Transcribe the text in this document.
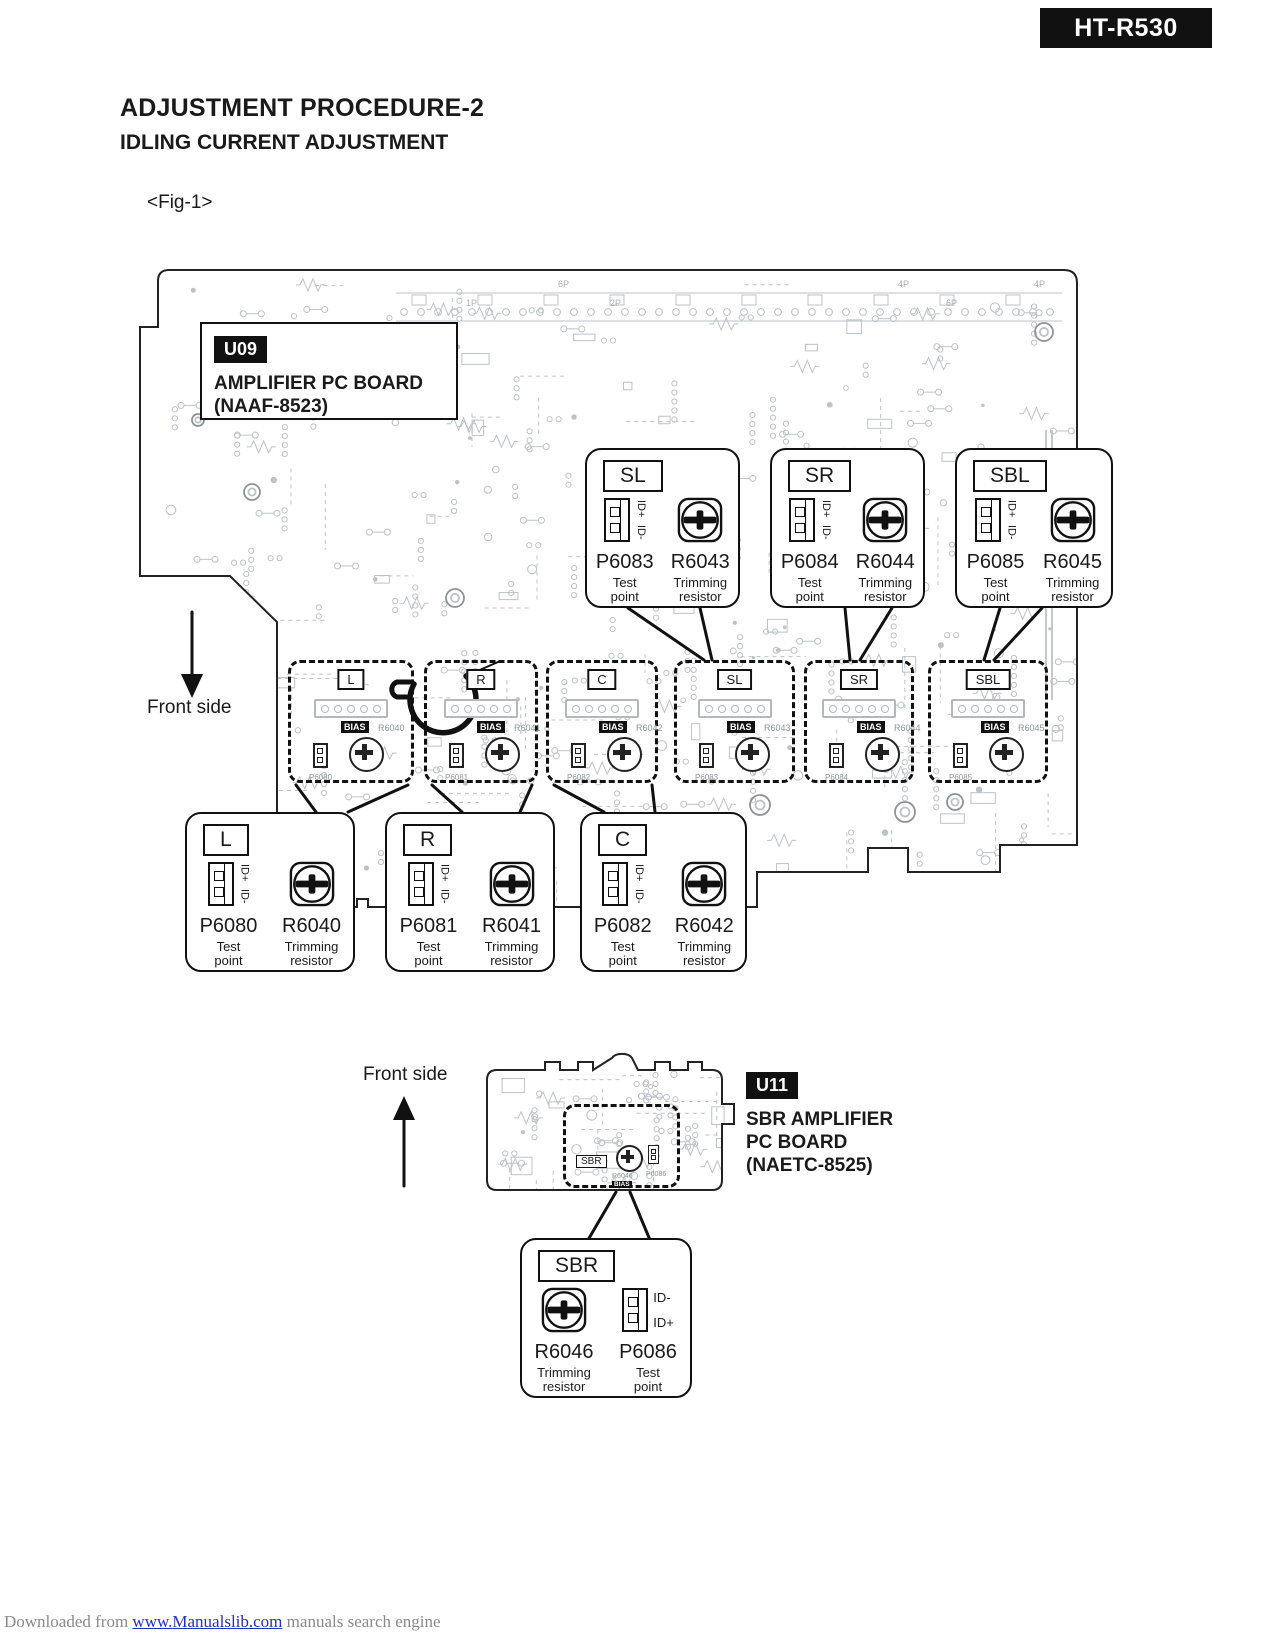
1P	2P
6P	4P	4P
6P
HT-R530
ADJUSTMENT PROCEDURE-2
IDLING CURRENT ADJUSTMENT
<Fig-1>
U09
AMPLIFIER PC BOARD
(NAAF-8523)
Front side
Front side
SL
ID+
ID-
P6083
Test
point
R6043
Trimming
resistor
SR
ID+
ID-
P6084
Test
point
R6044
Trimming
resistor
SBL
ID+
ID-
P6085
Test
point
R6045
Trimming
resistor
L
ID+
ID-
P6080
Test
point
R6040
Trimming
resistor
R
ID+
ID-
P6081
Test
point
R6041
Trimming
resistor
C
ID+
ID-
P6082
Test
point
R6042
Trimming
resistor
SBR
R6046
Trimming
resistor
ID-
ID+
P6086
Test
point
L
BIAS	R6040
P6080
R
BIAS	R6041
P6081
C
BIAS	R6042
P6082
SL
BIAS	R6043
P6083
SR
BIAS	R6044
P6084
SBL
BIAS	R6045
P6085
SBR
R6046
BIAS
P6086
U11
SBR AMPLIFIER
PC BOARD
(NAETC-8525)
Downloaded from www.Manualslib.com manuals search engine
